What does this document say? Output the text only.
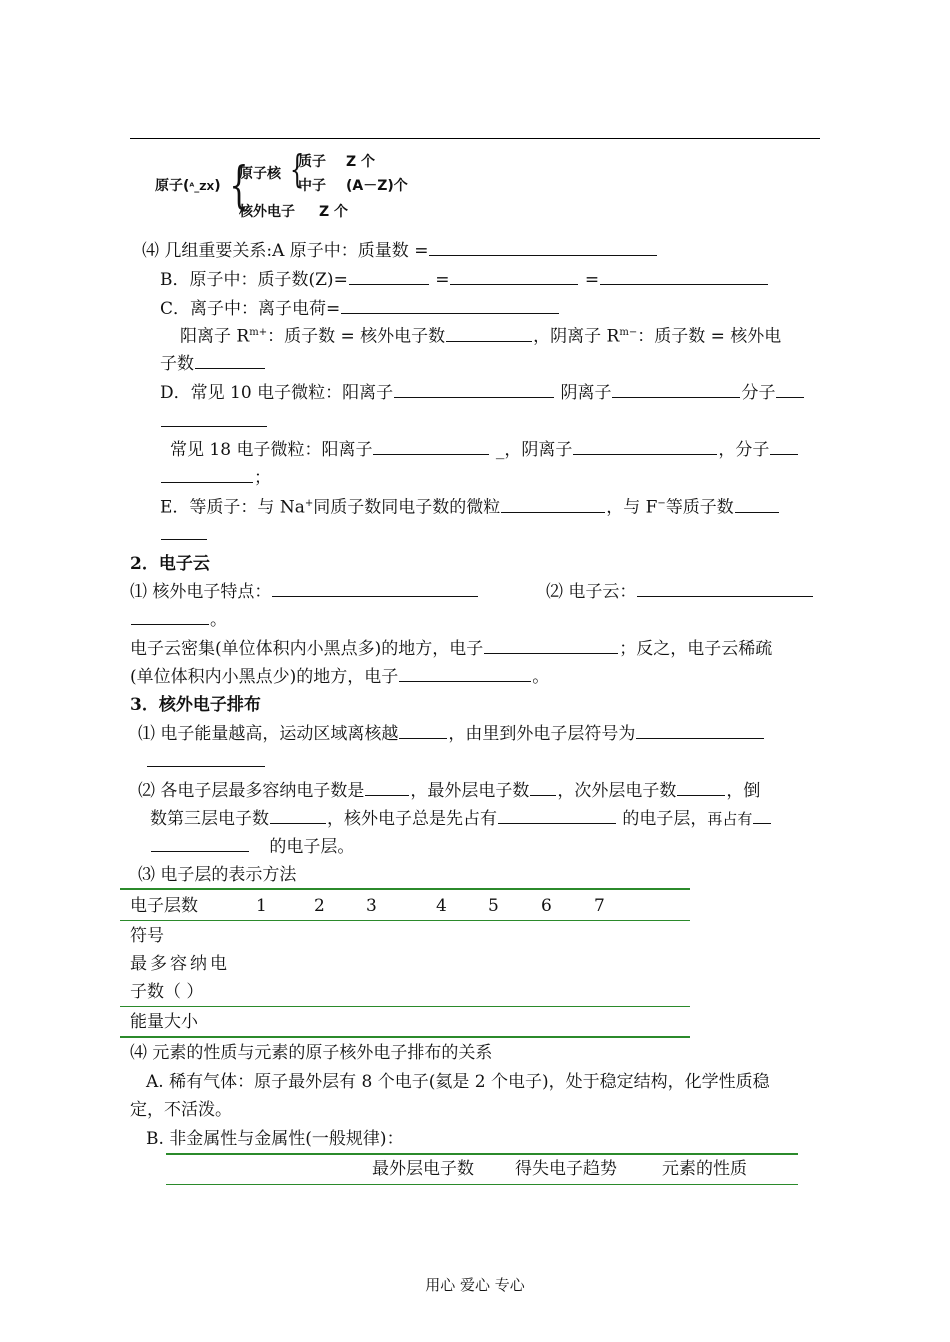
原子(ᴬ_ZX) {
原子核 {
质子 Z 个
中子 (A－Z)个
核外电子 Z 个
⑷ 几组重要关系:A 原子中：质量数 =
B．原子中：质子数(Z)=	=	=
C．离子中：离子电荷=
阳离子 $R^{m+}$：质子数 = 核外电子数	，阴离子 $R^{m-}$：质子数 = 核外电
子数
D．常见 10 电子微粒：阳离子	阴离子	分子
常见 18 电子微粒：阳离子	_，阴离子	，分子
；
E．等质子：与 Na+同质子数同电子数的微粒	，与 F−等质子数
2．电子云
⑴ 核外电子特点：	⑵ 电子云：
。
电子云密集(单位体积内小黑点多)的地方，电子	；反之，电子云稀疏
(单位体积内小黑点少)的地方，电子	。
3．核外电子排布
⑴ 电子能量越高，运动区域离核越	，由里到外电子层符号为
⑵ 各电子层最多容纳电子数是	，最外层电子数 ，次外层电子数	，倒
数第三层电子数	，核外电子总是先占有	的电子层，再占有
的电子层。
⑶ 电子层的表示方法
电子层数	1	2 3	4 5 6 7
符号
最多容纳电
子数（ ）
能量大小
⑷ 元素的性质与元素的原子核外电子排布的关系
A. 稀有气体：原子最外层有 8 个电子(氦是 2 个电子)，处于稳定结构，化学性质稳
定，不活泼。
B. 非金属性与金属性(一般规律)：
最外层电子数 得失电子趋势	元素的性质
用心 爱心 专心
